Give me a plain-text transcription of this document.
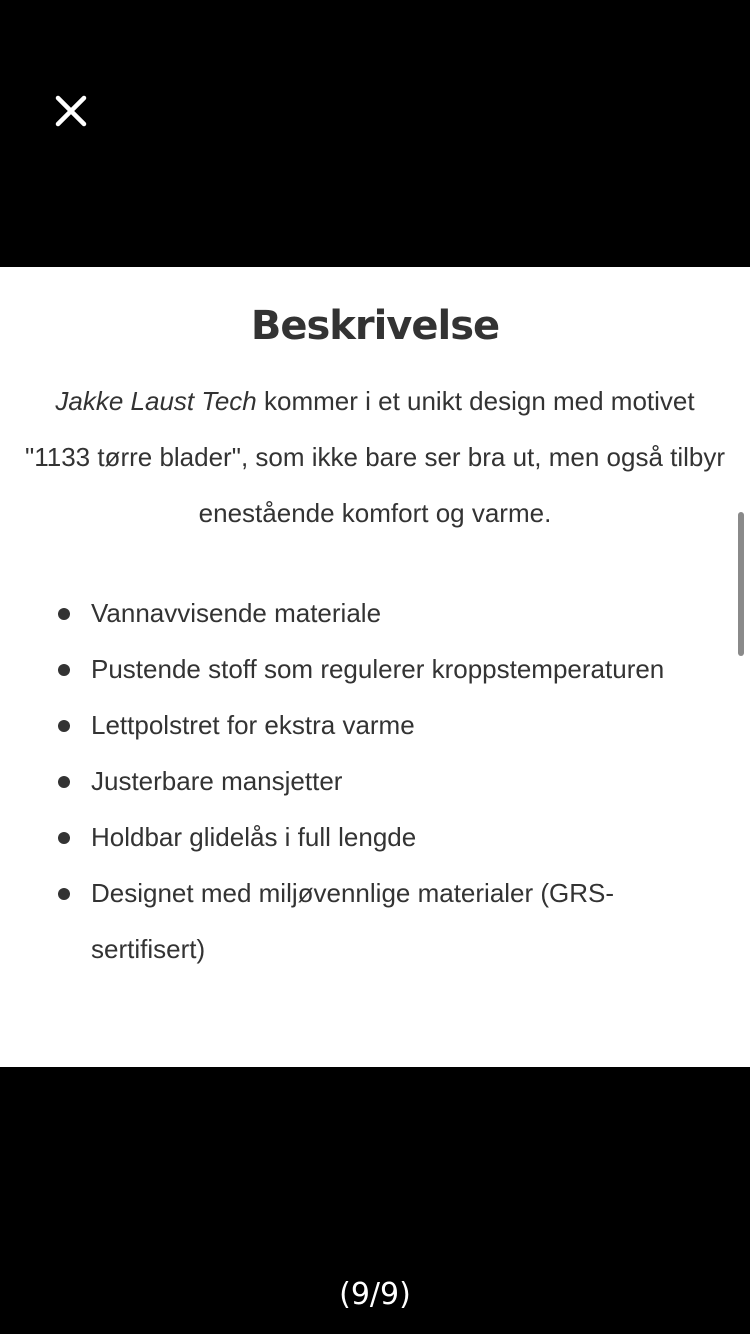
Beskrivelse

Jakke Laust Tech kommer i et unikt design med motivet "1133 tørre blader", som ikke bare ser bra ut, men også tilbyr enestående komfort og varme.

Vannavvisende materiale
Pustende stoff som regulerer kroppstemperaturen
Lettpolstret for ekstra varme
Justerbare mansjetter
Holdbar glidelås i full lengde
Designet med miljøvennlige materialer (GRS-sertifisert)
(9/9)
